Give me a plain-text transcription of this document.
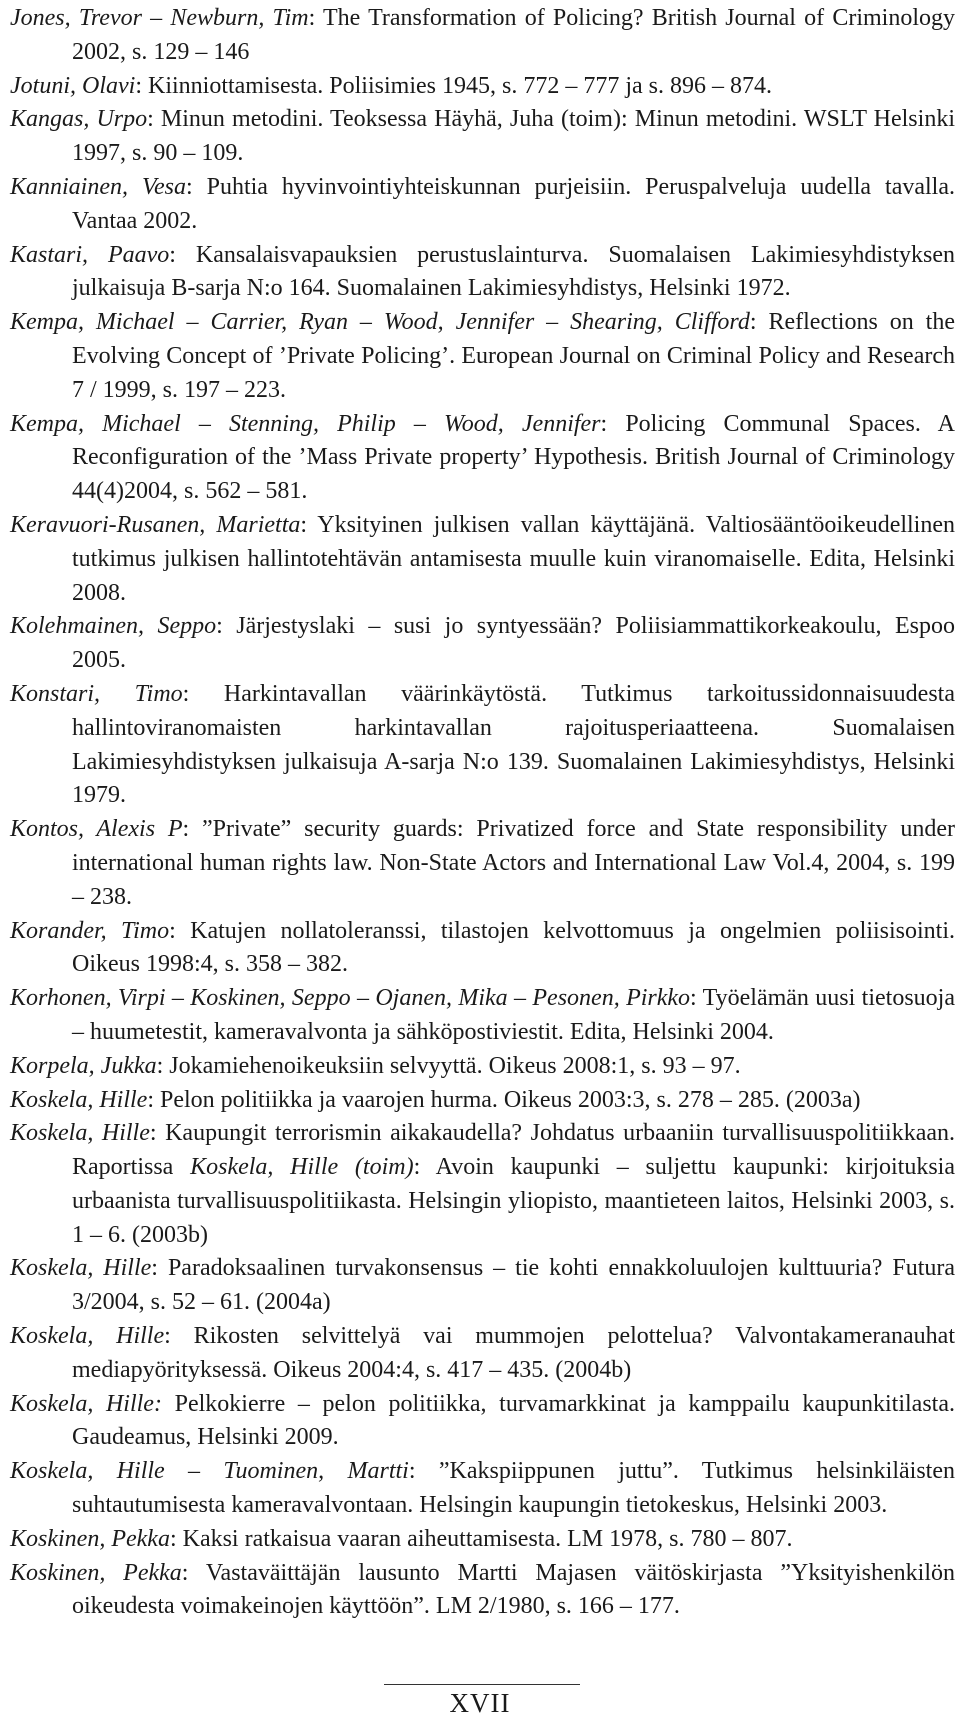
Jones, Trevor – Newburn, Tim: The Transformation of Policing? British Journal of Criminology 2002, s. 129 – 146

Jotuni, Olavi: Kiinniottamisesta. Poliisimies 1945, s. 772 – 777 ja s. 896 – 874.

Kangas, Urpo: Minun metodini. Teoksessa Häyhä, Juha (toim): Minun metodini. WSLT Helsinki 1997, s. 90 – 109.

Kanniainen, Vesa: Puhtia hyvinvointiyhteiskunnan purjeisiin. Peruspalveluja uudella tavalla. Vantaa 2002.

Kastari, Paavo: Kansalaisvapauksien perustuslainturva. Suomalaisen Lakimiesyhdistyksen julkaisuja B-sarja N:o 164. Suomalainen Lakimiesyhdistys, Helsinki 1972.

Kempa, Michael – Carrier, Ryan – Wood, Jennifer – Shearing, Clifford: Reflections on the Evolving Concept of ’Private Policing’. European Journal on Criminal Policy and Research 7 / 1999, s. 197 – 223.

Kempa, Michael – Stenning, Philip – Wood, Jennifer: Policing Communal Spaces. A Reconfiguration of the ’Mass Private property’ Hypothesis. British Journal of Criminology 44(4)2004, s. 562 – 581.

Keravuori-Rusanen, Marietta: Yksityinen julkisen vallan käyttäjänä. Valtiosääntöoikeudellinen tutkimus julkisen hallintotehtävän antamisesta muulle kuin viranomaiselle. Edita, Helsinki 2008.

Kolehmainen, Seppo: Järjestyslaki – susi jo syntyessään? Poliisiammattikorkeakoulu, Espoo 2005.

Konstari, Timo: Harkintavallan väärinkäytöstä. Tutkimus tarkoitussidonnaisuudesta hallintoviranomaisten harkintavallan rajoitusperiaatteena. Suomalaisen Lakimiesyhdistyksen julkaisuja A-sarja N:o 139. Suomalainen Lakimiesyhdistys, Helsinki 1979.

Kontos, Alexis P: ”Private” security guards: Privatized force and State responsibility under international human rights law. Non-State Actors and International Law Vol.4, 2004, s. 199 – 238.

Korander, Timo: Katujen nollatoleranssi, tilastojen kelvottomuus ja ongelmien poliisisointi. Oikeus 1998:4, s. 358 – 382.

Korhonen, Virpi – Koskinen, Seppo – Ojanen, Mika – Pesonen, Pirkko: Työelämän uusi tietosuoja – huumetestit, kameravalvonta ja sähköpostiviestit. Edita, Helsinki 2004.

Korpela, Jukka: Jokamiehenoikeuksiin selvyyttä. Oikeus 2008:1, s. 93 – 97.

Koskela, Hille: Pelon politiikka ja vaarojen hurma. Oikeus 2003:3, s. 278 – 285. (2003a)

Koskela, Hille: Kaupungit terrorismin aikakaudella? Johdatus urbaaniin turvallisuuspolitiikkaan. Raportissa Koskela, Hille (toim): Avoin kaupunki – suljettu kaupunki: kirjoituksia urbaanista turvallisuuspolitiikasta. Helsingin yliopisto, maantieteen laitos, Helsinki 2003, s. 1 – 6. (2003b)

Koskela, Hille: Paradoksaalinen turvakonsensus – tie kohti ennakkoluulojen kulttuuria? Futura 3/2004, s. 52 – 61. (2004a)

Koskela, Hille: Rikosten selvittelyä vai mummojen pelottelua? Valvontakameranauhat mediapyörityksessä. Oikeus 2004:4, s. 417 – 435. (2004b)

Koskela, Hille: Pelkokierre – pelon politiikka, turvamarkkinat ja kamppailu kaupunkitilasta. Gaudeamus, Helsinki 2009.

Koskela, Hille – Tuominen, Martti: ”Kakspiippunen juttu”. Tutkimus helsinkiläisten suhtautumisesta kameravalvontaan. Helsingin kaupungin tietokeskus, Helsinki 2003.

Koskinen, Pekka: Kaksi ratkaisua vaaran aiheuttamisesta. LM 1978, s. 780 – 807.

Koskinen, Pekka: Vastaväittäjän lausunto Martti Majasen väitöskirjasta ”Yksityishenkilön oikeudesta voimakeinojen käyttöön”. LM 2/1980, s. 166 – 177.

XVII
